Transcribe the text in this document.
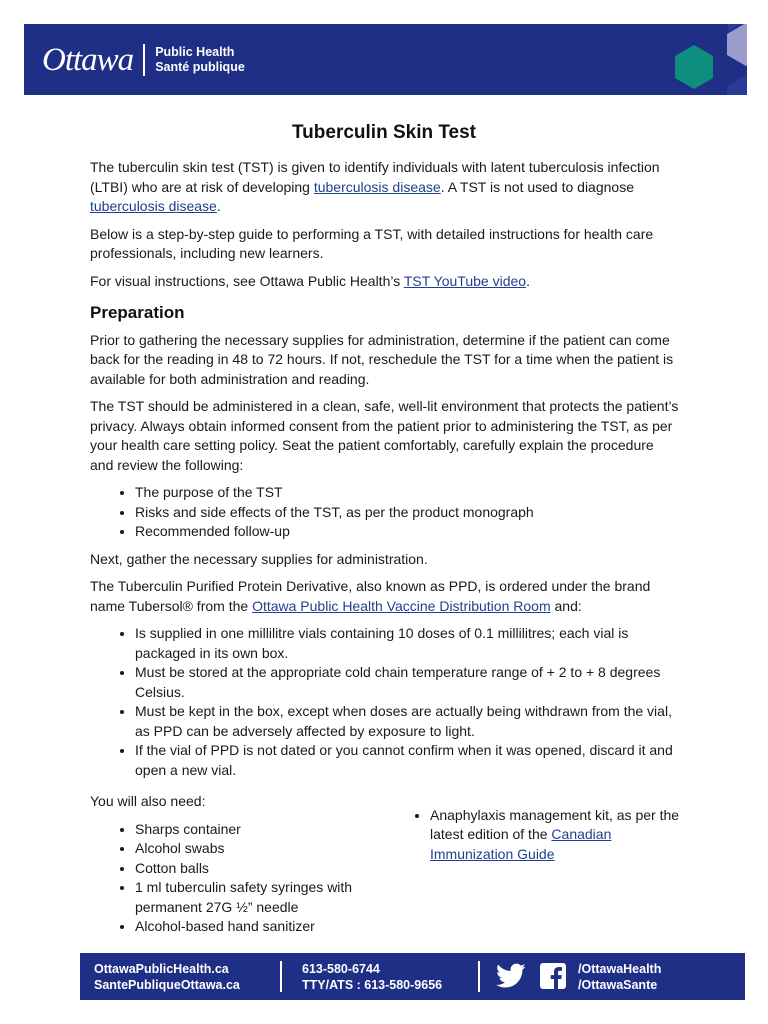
Ottawa Public Health
Santé publique
Tuberculin Skin Test

The tuberculin skin test (TST) is given to identify individuals with latent tuberculosis infection (LTBI) who are at risk of developing tuberculosis disease. A TST is not used to diagnose tuberculosis disease.

Below is a step-by-step guide to performing a TST, with detailed instructions for health care professionals, including new learners.

For visual instructions, see Ottawa Public Health’s TST YouTube video.

Preparation

Prior to gathering the necessary supplies for administration, determine if the patient can come back for the reading in 48 to 72 hours. If not, reschedule the TST for a time when the patient is available for both administration and reading.

The TST should be administered in a clean, safe, well-lit environment that protects the patient’s privacy. Always obtain informed consent from the patient prior to administering the TST, as per your health care setting policy. Seat the patient comfortably, carefully explain the procedure and review the following:

• The purpose of the TST
• Risks and side effects of the TST, as per the product monograph
• Recommended follow-up

Next, gather the necessary supplies for administration.

The Tuberculin Purified Protein Derivative, also known as PPD, is ordered under the brand name Tubersol® from the Ottawa Public Health Vaccine Distribution Room and:

• Is supplied in one millilitre vials containing 10 doses of 0.1 millilitres; each vial is packaged in its own box.
• Must be stored at the appropriate cold chain temperature range of + 2 to + 8 degrees Celsius.
• Must be kept in the box, except when doses are actually being withdrawn from the vial, as PPD can be adversely affected by exposure to light.
• If the vial of PPD is not dated or you cannot confirm when it was opened, discard it and open a new vial.

You will also need:

• Sharps container
• Alcohol swabs
• Cotton balls
• 1 ml tuberculin safety syringes with permanent 27G ½” needle
• Alcohol-based hand sanitizer
• Anaphylaxis management kit, as per the latest edition of the Canadian Immunization Guide
OttawaPublicHealth.ca
SantePubliqueOttawa.ca
613-580-6744
TTY/ATS : 613-580-9656
/OttawaHealth
/OttawaSante
